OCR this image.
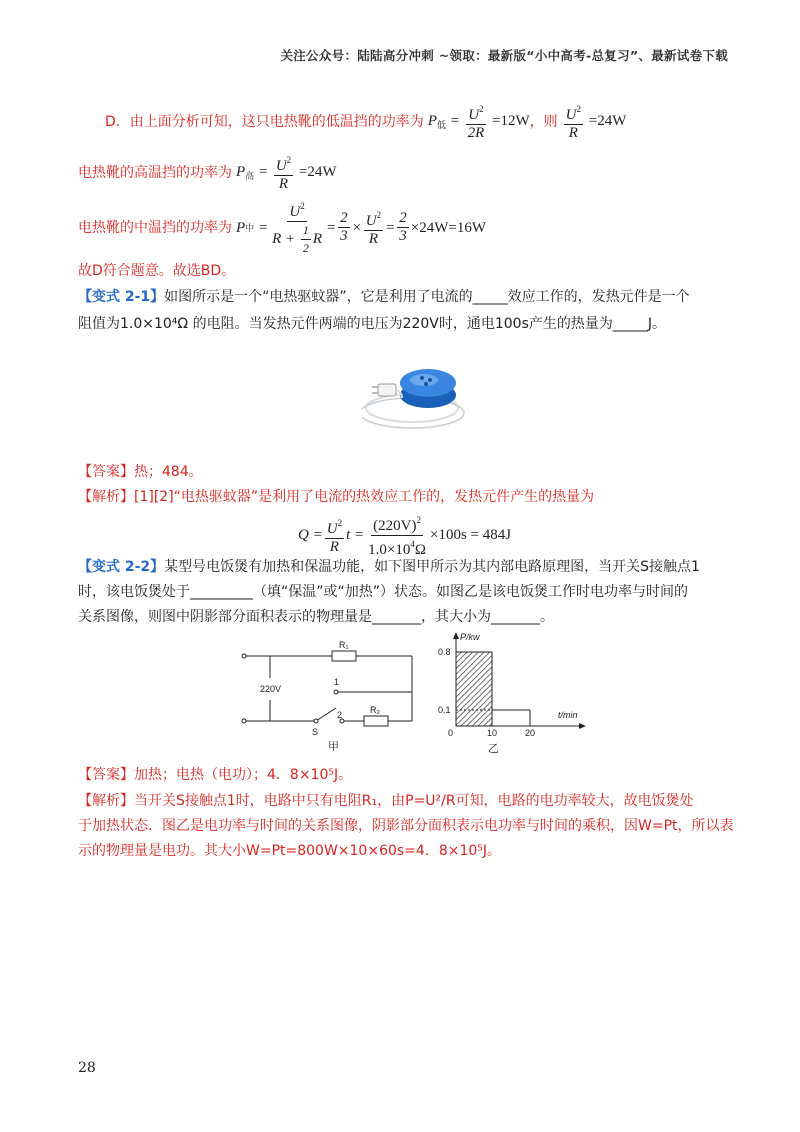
关注公众号：陆陆高分冲刺 ~领取：最新版“小中高考-总复习”、最新试卷下载
D．由上面分析可知，这只电热靴的低温挡的功率为 $P_低 = \frac{U^2}{2R} =12W$ ，则 $\frac{U^2}{R} =24W$
电热靴的高温挡的功率为 $P_高 = \frac{U^2}{R} =24W$
电热靴的中温挡的功率为 P 中 = $\frac{U^2}{R + \frac{1}{2} R} = \frac{2}{3} \times \frac{U^2}{R} = \frac{2}{3} \times 24W =16W$
故D符合题意。故选BD。
【变式 2-1】如图所示是一个“电热驱蚊器”，它是利用了电流的_____效应工作的，发热元件是一个
阻值为1.0×10⁴Ω 的电阻。当发热元件两端的电压为220V时，通电100s产生的热量为_____J。
【答案】热；484。
【解析】[1][2]“电热驱蚊器”是利用了电流的热效应工作的，发热元件产生的热量为
$Q = \frac{U^2}{R}$ $t = \frac{(220V)^2}{1.0\times 10^4\Omega} \times 100s = 484J$
【变式 2-2】某型号电饭煲有加热和保温功能，如下图甲所示为其内部电路原理图，当开关S接触点1
时，该电饭煲处于_________（填“保温”或“加热”）状态。如图乙是该电饭煲工作时电功率与时间的
关系图像，则图中阴影部分面积表示的物理量是_______，其大小为_______。
220V
R₁
R₂
1
2
S
甲
P/kw
t/min
0.8
0.1
0	10	20
乙
【答案】加热；电热（电功）；4．8×10⁵J。
【解析】当开关S接触点1时，电路中只有电阻R₁，由P=U²/R可知，电路的电功率较大，故电饭煲处
于加热状态．图乙是电功率与时间的关系图像，阴影部分面积表示电功率与时间的乘积，因W=Pt，所以表
示的物理量是电功。其大小W=Pt=800W×10×60s=4．8×10⁵J。
28
